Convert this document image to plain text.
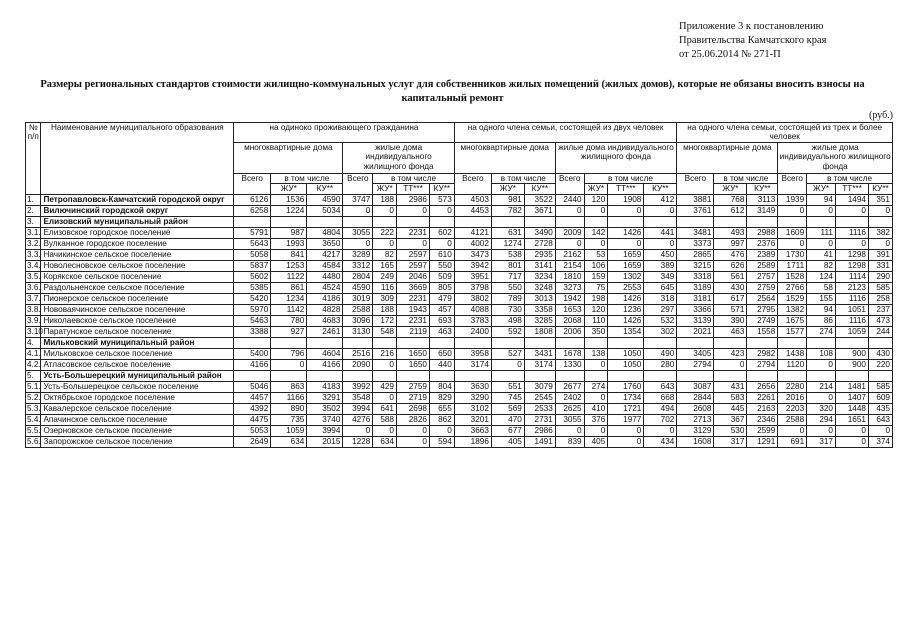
Приложение 3 к постановлению
Правительства Камчатского края
от 25.06.2014 № 271-П
Размеры региональных стандартов стоимости жилищно-коммунальных услуг для собственников жилых помещений (жилых домов), которые не обязаны вносить взносы на капитальный ремонт
(руб.)
№ п/п	Наименование муниципального образования	на одиноко проживающего гражданина							на одного члена семьи, состоящей из двух человек							на одного члена семьи, состоящей из трех и более человек						
		многоквартирные дома			жилые дома индивидуального жилищного фонда				многоквартирные дома			жилые дома индивидуального жилищного фонда				многоквартирные дома			жилые дома индивидуального жилищного фонда			
		Всего	в том числе		Всего	в том числе			Всего	в том числе		Всего	в том числе			Всего	в том числе		Всего	в том числе		
			ЖУ*	КУ**		ЖУ*	ТТ***	КУ**		ЖУ*	КУ**		ЖУ*	ТТ***	КУ**		ЖУ*	КУ**		ЖУ*	ТТ***	КУ**
1.	Петропавловск-Камчатский городской округ	6126	1536	4590	3747	188	2986	573	4503	981	3522	2440	120	1908	412	3881	768	3113	1939	94	1494	351
2.	Вилючинский городской округ	6258	1224	5034	0	0	0	0	4453	782	3671	0	0	0	0	3761	612	3149	0	0	0	0
3.	Елизовский муниципальный район																					
3.1.	Елизовское городское поселение	5791	987	4804	3055	222	2231	602	4121	631	3490	2009	142	1426	441	3481	493	2988	1609	111	1116	382
3.2.	Вулканное городское поселение	5643	1993	3650	0	0	0	0	4002	1274	2728	0	0	0	0	3373	997	2376	0	0	0	0
3.3.	Начикинское сельское поселение	5058	841	4217	3289	82	2597	610	3473	538	2935	2162	53	1659	450	2865	476	2389	1730	41	1298	391
3.4.	Новолесновское сельское поселение	5837	1253	4584	3312	165	2597	550	3942	801	3141	2154	106	1659	389	3215	626	2589	1711	82	1298	331
3.5.	Корякское сельское поселение	5602	1122	4480	2804	249	2046	509	3951	717	3234	1810	159	1302	349	3318	561	2757	1528	124	1114	290
3.6.	Раздольненское сельское поселение	5385	861	4524	4590	116	3669	805	3798	550	3248	3273	75	2553	645	3189	430	2759	2766	58	2123	585
3.7.	Пионерское сельское поселение	5420	1234	4186	3019	309	2231	479	3802	789	3013	1942	198	1426	318	3181	617	2564	1529	155	1116	258
3.8.	Нововаячинское сельское поселение	5970	1142	4828	2588	188	1943	457	4088	730	3358	1653	120	1236	297	3366	571	2795	1382	94	1051	237
3.9.	Николаевское сельское поселение	5463	780	4683	3096	172	2231	693	3783	498	3285	2068	110	1426	532	3139	390	2749	1675	86	1116	473
3.10	Паратунское сельское поселение	3388	927	2461	3130	548	2119	463	2400	592	1808	2006	350	1354	302	2021	463	1558	1577	274	1059	244
4.	Мильковский муниципальный район																					
4.1.	Мильковское сельское поселение	5400	796	4604	2516	216	1650	650	3958	527	3431	1678	138	1050	490	3405	423	2982	1438	108	900	430
4.2.	Атласовское сельское поселение	4166	0	4166	2090	0	1650	440	3174	0	3174	1330	0	1050	280	2794	0	2794	1120	0	900	220
5.	Усть-Большерецкий муниципальный район																					
5.1.	Усть-Большерецкое сельское поселение	5046	863	4183	3992	429	2759	804	3630	551	3079	2677	274	1760	643	3087	431	2656	2280	214	1481	585
5.2.	Октябрьское городское поселение	4457	1166	3291	3548	0	2719	829	3290	745	2545	2402	0	1734	668	2844	583	2261	2016	0	1407	609
5.3.	Кавалерское сельское поселение	4392	890	3502	3994	641	2698	655	3102	569	2533	2625	410	1721	494	2608	445	2163	2203	320	1448	435
5.4.	Апачинское сельское поселение	4475	735	3740	4276	588	2826	862	3201	470	2731	3055	376	1977	702	2713	367	2346	2588	294	1651	643
5.5.	Озерновское сельское поселение	5053	1059	3994	0	0	0	0	3663	677	2986	0	0	0	0	3129	530	2599	0	0	0	0
5.6.	Запорожское сельское поселение	2649	634	2015	1228	634	0	594	1896	405	1491	839	405	0	434	1608	317	1291	691	317	0	374
